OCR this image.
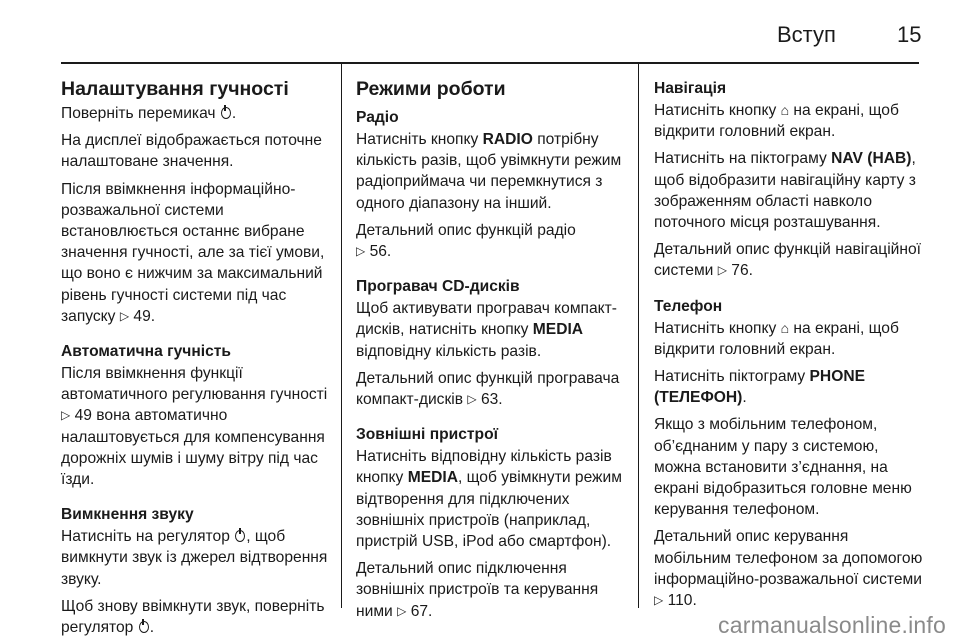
Вступ	15
Налаштування гучності

Поверніть перемикач .

На дисплеї відображається поточне налаштоване значення.

Після ввімкнення інформаційно-розважальної системи встановлюється останнє вибране значення гучності, але за тієї умови, що воно є нижчим за максимальний рівень гучності системи під час запуску ▷ 49.

Автоматична гучність

Після ввімкнення функції автоматичного регулювання гучності ▷ 49 вона автоматично налаштовується для компенсування дорожніх шумів і шуму вітру під час їзди.

Вимкнення звуку

Натисніть на регулятор , щоб вимкнути звук із джерел відтворення звуку.

Щоб знову ввімкнути звук, поверніть регулятор .

Режими роботи
Радіо

Натисніть кнопку RADIO потрібну кількість разів, щоб увімкнути режим радіоприймача чи перемкнутися з одного діапазону на інший.

Детальний опис функцій радіо
▷ 56.

Програвач CD-дисків

Щоб активувати програвач компакт-дисків, натисніть кнопку MEDIA відповідну кількість разів.

Детальний опис функцій програвача компакт-дисків ▷ 63.

Зовнішні пристрої

Натисніть відповідну кількість разів кнопку MEDIA, щоб увімкнути режим відтворення для підключених зовнішніх пристроїв (наприклад, пристрій USB, iPod або смартфон).

Детальний опис підключення зовнішніх пристроїв та керування ними ▷ 67.

Навігація

Натисніть кнопку ⌂ на екрані, щоб відкрити головний екран.

Натисніть на піктограму NAV (НАВ), щоб відобразити навігаційну карту з зображенням області навколо поточного місця розташування.

Детальний опис функцій навігаційної системи ▷ 76.

Телефон

Натисніть кнопку ⌂ на екрані, щоб відкрити головний екран.

Натисніть піктограму PHONE (ТЕЛЕФОН).

Якщо з мобільним телефоном, об’єднаним у пару з системою, можна встановити з’єднання, на екрані відобразиться головне меню керування телефоном.

Детальний опис керування мобільним телефоном за допомогою інформаційно-розважальної системи ▷ 110.

carmanualsonline.info
